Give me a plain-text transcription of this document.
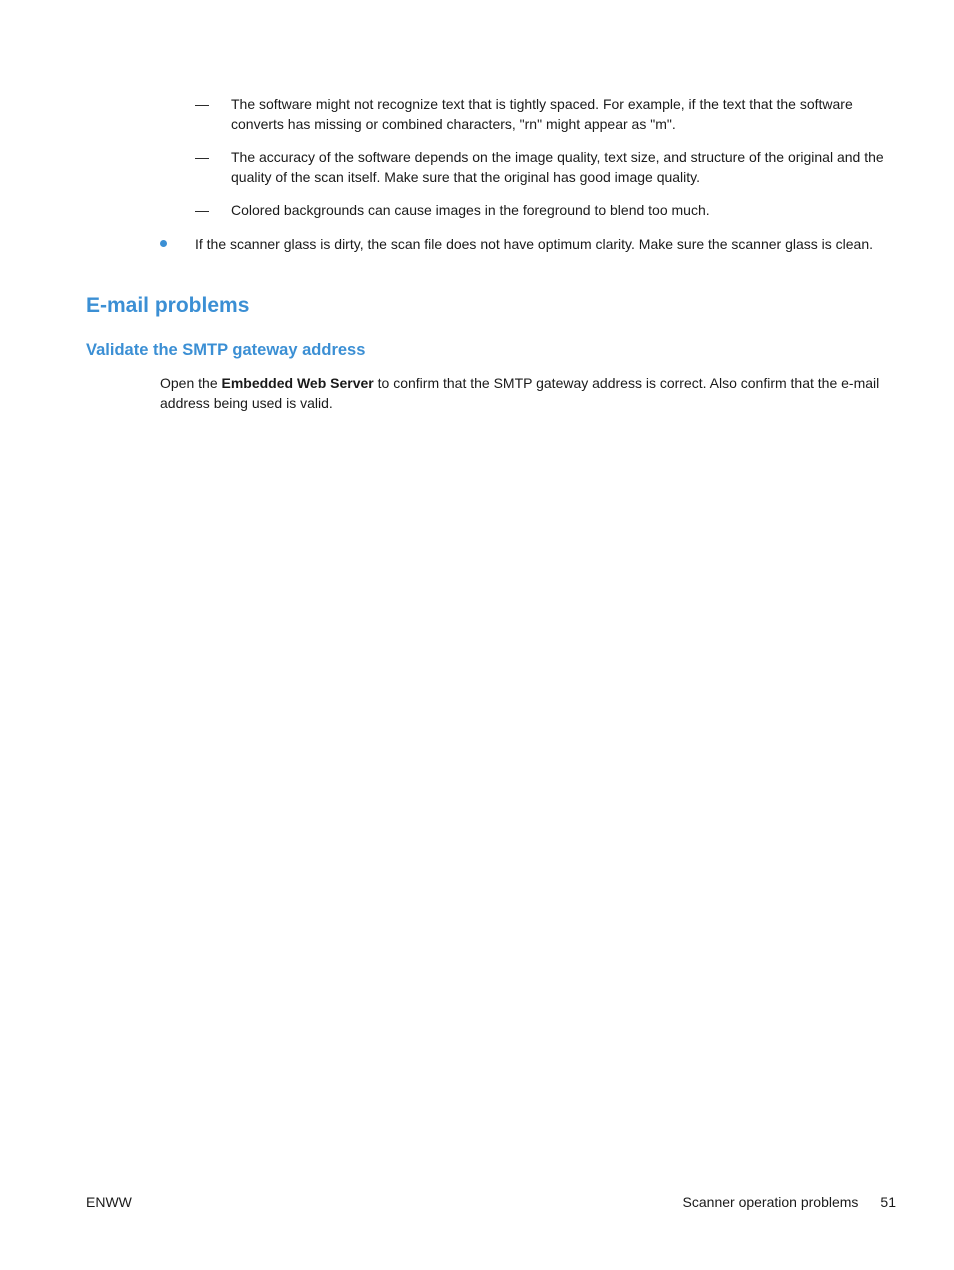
— The software might not recognize text that is tightly spaced. For example, if the text that the software converts has missing or combined characters, "rn" might appear as "m".
— The accuracy of the software depends on the image quality, text size, and structure of the original and the quality of the scan itself. Make sure that the original has good image quality.
— Colored backgrounds can cause images in the foreground to blend too much.
If the scanner glass is dirty, the scan file does not have optimum clarity. Make sure the scanner glass is clean.
E-mail problems
Validate the SMTP gateway address

Open the Embedded Web Server to confirm that the SMTP gateway address is correct. Also confirm that the e-mail address being used is valid.

ENWW	Scanner operation problems 51
